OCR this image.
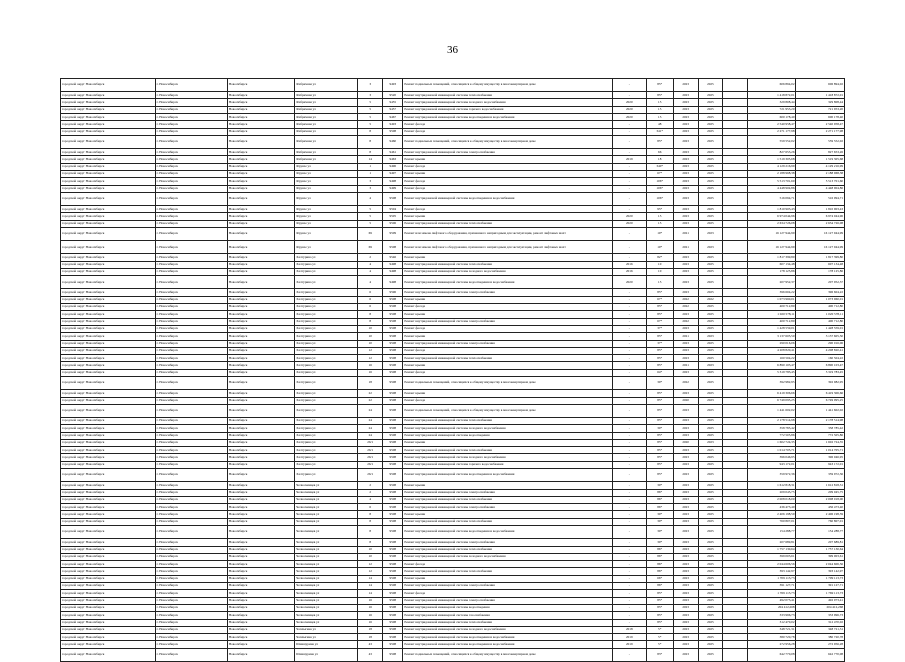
36
городской округ Новосибирск	г. Новосибирск	Новосибирск	Фабричная ул	3	9493	Ремонт подвальных помещений, относящихся к общему имуществу в многоквартирном доме	-	85*	2023	2025		606 894,02	606 894,02
городской округ Новосибирск	г. Новосибирск	Новосибирск	Фабричная ул	3	9520	Ремонт внутридомовой инженерной системы теплоснабжения	-	85*	2023	2025		1 418 872,01	1 418 872,01
городской округ Новосибирск	г. Новосибирск	Новосибирск	Фабричная ул	5	9455	Ремонт внутридомовой инженерной системы холодного водоснабжения	2020	15	2023	2025		329 808,44	329 808,44
городской округ Новосибирск	г. Новосибирск	Новосибирск	Фабричная ул	5	9457	Ремонт внутридомовой инженерной системы горячего водоснабжения	2020	15	2023	2025		721 953,20	721 953,20
городской округ Новосибирск	г. Новосибирск	Новосибирск	Фабричная ул	5	9467	Ремонт внутридомовой инженерной системы водоотведения и водоснабжения	2020	15	2023	2025		600 178,40	600 178,40
городской округ Новосибирск	г. Новосибирск	Новосибирск	Фабричная ул	5	9493	Ремонт фасада	-	48	2023	2025		2 540 958,47	2 540 958,47
городской округ Новосибирск	г. Новосибирск	Новосибирск	Фабричная ул	8	9508	Ремонт фасада	-	341*	2023	2025		2 271 177,98	2 271 177,98
городской округ Новосибирск	г. Новосибирск	Новосибирск	Фабричная ул	8	9460	Ремонт подвальных помещений, относящихся к общему имуществу в многоквартирном доме	-	85*	2023	2025		559 552,02	559 552,02
городской округ Новосибирск	г. Новосибирск	Новосибирск	Фабричная ул	8	9461	Ремонт внутридомовой инженерной системы электроснабжения	-	66	2023	2025		827 653,26	827 653,26
городской округ Новосибирск	г. Новосибирск	Новосибирск	Фабричная ул	14	9463	Ремонт крыши	2019	18	2023	2025		1 519 305,68	1 519 305,68
городской округ Новосибирск	г. Новосибирск	Новосибирск	Фрунзе ул	1	9496	Ремонт фасада	-	340*	2023	2025		4 129 216,99	4 129 216,99
городской округ Новосибирск	г. Новосибирск	Новосибирск	Фрунзе ул	1	9497	Ремонт крыши	-	67*	2023	2025		2 188 968,38	2 188 968,38
городской округ Новосибирск	г. Новосибирск	Новосибирск	Фрунзе ул	3	9498	Ремонт фасада	-	106*	2023	2025		5 513 701,60	5 513 701,60
городской округ Новосибирск	г. Новосибирск	Новосибирск	Фрунзе ул	3	9499	Ремонт фасада	-	106*	2023	2025		4 448 904,86	4 448 904,86
городской округ Новосибирск	г. Новосибирск	Новосибирск	Фрунзе ул	4	9508	Ремонт внутридомовой инженерной системы водоотведения и водоснабжения	-	106*	2023	2025		516 094,71	516 094,71
городской округ Новосибирск	г. Новосибирск	Новосибирск	Фрунзе ул	5	9504	Ремонт фасада	-	95*	2023	2025		1 810 903,43	1 810 903,43
городской округ Новосибирск	г. Новосибирск	Новосибирск	Фрунзе ул	5	9505	Ремонт крыши	2020	15	2023	2025		6 974 044,96	6 974 044,96
городской округ Новосибирск	г. Новосибирск	Новосибирск	Фрунзе ул	5	9506	Ремонт внутридомовой инженерной системы теплоснабжения	2020	15	2023	2025		2 634 726,08	2 634 726,08
городской округ Новосибирск	г. Новосибирск	Новосибирск	Фрунзе ул	69	9509	Ремонт или замена лифтового оборудования, признанного непригодным для эксплуатации, ремонт лифтовых шахт	-	10*	2021	2023		16 127 944,99	16 127 944,99
городской округ Новосибирск	г. Новосибирск	Новосибирск	Фрунзе ул	69	9508	Ремонт или замена лифтового оборудования, признанного непригодным для эксплуатации, ремонт лифтовых шахт	-	10*	2021	2023		16 127 944,99	16 127 944,99
городской округ Новосибирск	г. Новосибирск	Новосибирск	Халтурина ул	2	9546	Ремонт крыши	-	82*	2023	2025		1 817 399,80	1 817 399,80
городской округ Новосибирск	г. Новосибирск	Новосибирск	Халтурина ул	4	9498	Ремонт внутридомовой инженерной системы теплоснабжения	2016	10	2023	2025		607 134,48	607 134,48
городской округ Новосибирск	г. Новосибирск	Новосибирск	Халтурина ул	4	9498	Ремонт внутридомовой инженерной системы холодного водоснабжения	2016	10	2023	2025		178 125,86	178 125,86
городской округ Новосибирск	г. Новосибирск	Новосибирск	Халтурина ул	4	9498	Ремонт внутридомовой инженерной системы водоотведения и водоснабжения	2020	15	2023	2025		207 952,37	207 952,37
городской округ Новосибирск	г. Новосибирск	Новосибирск	Халтурина ул	6	9596	Ремонт внутридомовой инженерной системы электроснабжения	-	85*	2023	2025		396 604,22	396 604,22
городской округ Новосибирск	г. Новосибирск	Новосибирск	Халтурина ул	6	9508	Ремонт крыши	-	67*	2022	2022		1 073 960,01	1 073 960,01
городской округ Новосибирск	г. Новосибирск	Новосибирск	Халтурина ул	6	9508	Ремонт фасада	-	85*	2022	2025		400 712,80	400 712,80
городской округ Новосибирск	г. Новосибирск	Новосибирск	Халтурина ул	8	9508	Ремонт крыши	-	85*	2023	2025		1 020 578,11	1 020 578,11
городской округ Новосибирск	г. Новосибирск	Новосибирск	Халтурина ул	8	9508	Ремонт внутридомовой инженерной системы электроснабжения	-	67*	2022	2025		400 712,80	400 712,80
городской округ Новосибирск	г. Новосибирск	Новосибирск	Халтурина ул	10	9508	Ремонт фасада	-	37*	2023	2025		1 428 559,01	1 428 559,01
городской округ Новосибирск	г. Новосибирск	Новосибирск	Халтурина ул	10	9508	Ремонт крыши	-	85*	2021	2023		3 137 605,50	3 137 605,50
городской округ Новосибирск	г. Новосибирск	Новосибирск	Халтурина ул	10	9508	Ремонт внутридомовой инженерной системы электроснабжения	-	37*	2023	2025		290 016,06	290 016,06
городской округ Новосибирск	г. Новосибирск	Новосибирск	Халтурина ул	12	9508	Ремонт фасада	-	85*	2023	2025		4 208 820,41	4 208 820,41
городской округ Новосибирск	г. Новосибирск	Новосибирск	Халтурина ул	12	9508	Ремонт внутридомовой инженерной системы теплоснабжения	-	85*	2023	2025		160 504,22	160 504,22
городской округ Новосибирск	г. Новосибирск	Новосибирск	Халтурина ул	16	9508	Ремонт крыши	-	85*	2021	2023		6 890 103,47	6 890 103,47
городской округ Новосибирск	г. Новосибирск	Новосибирск	Халтурина ул	16	9508	Ремонт фасада	-	64*	2023	2025		5 319 783,45	5 319 783,45
городской округ Новосибирск	г. Новосибирск	Новосибирск	Халтурина ул	18	9508	Ремонт подвальных помещений, относящихся к общему имуществу в многоквартирном доме	-	30*	2022	2025		392 982,95	392 982,95
городской округ Новосибирск	г. Новосибирск	Новосибирск	Халтурина ул	22	9508	Ремонт крыши	-	85*	2023	2025		6 419 306,66	6 419 306,66
городской округ Новосибирск	г. Новосибирск	Новосибирск	Халтурина ул	22	9508	Ремонт фасада	-	85*	2020	2023		6 749 095,25	6 749 095,25
городской округ Новосибирск	г. Новосибирск	Новосибирск	Халтурина ул	24	9508	Ремонт подвальных помещений, относящихся к общему имуществу в многоквартирном доме	-	85*	2023	2025		1 441 602,02	1 441 602,02
городской округ Новосибирск	г. Новосибирск	Новосибирск	Халтурина ул	24	9508	Ремонт внутридомовой инженерной системы теплоснабжения	-	85*	2023	2025		2 178 514,98	2 178 514,98
городской округ Новосибирск	г. Новосибирск	Новосибирск	Халтурина ул	24	9508	Ремонт внутридомовой инженерной системы холодного водоснабжения	-	30*	2023	2025		358 785,42	358 785,42
городской округ Новосибирск	г. Новосибирск	Новосибирск	Халтурина ул	24	9508	Ремонт внутридомовой инженерной системы водоотведения	-	85*	2023	2025		772 505,86	772 505,86
городской округ Новосибирск	г. Новосибирск	Новосибирск	Халтурина ул	26/1	9508	Ремонт крыши	-	85*	2020	2023		1 602 724,35	1 602 724,35
городской округ Новосибирск	г. Новосибирск	Новосибирск	Халтурина ул	26/1	9508	Ремонт внутридомовой инженерной системы теплоснабжения	-	85*	2023	2025		1 014 705,71	1 014 705,71
городской округ Новосибирск	г. Новосибирск	Новосибирск	Халтурина ул	26/1	9508	Ремонт внутридомовой инженерной системы холодного водоснабжения	-	85*	2023	2025		396 046,95	396 046,95
городской округ Новосибирск	г. Новосибирск	Новосибирск	Халтурина ул	26/1	9508	Ремонт внутридомовой инженерной системы горячего водоснабжения	-	85*	2023	2025		943 172,01	943 172,01
городской округ Новосибирск	г. Новосибирск	Новосибирск	Халтурина ул	26/1	9508	Ремонт внутридомовой инженерной системы водоотведения и водоснабжения	-	85*	2023	2025		359 972,36	359 972,36
городской округ Новосибирск	г. Новосибирск	Новосибирск	Челюскинцев ул	2	9508	Ремонт крыши	-	30*	2023	2025		1 612 818,31	1 612 818,31
городской округ Новосибирск	г. Новосибирск	Новосибирск	Челюскинцев ул	2	9508	Ремонт внутридомовой инженерной системы электроснабжения	-	86*	2023	2025		209 045,75	209 045,75
городской округ Новосибирск	г. Новосибирск	Новосибирск	Челюскинцев ул	4	9508	Ремонт внутридомовой инженерной системы теплоснабжения	-	86*	2023	2025		2 008 018,00	2 008 018,00
городской округ Новосибирск	г. Новосибирск	Новосибирск	Челюскинцев ул	6	9508	Ремонт внутридомовой инженерной системы электроснабжения	-	86*	2023	2025		436 473,40	436 473,40
городской округ Новосибирск	г. Новосибирск	Новосибирск	Челюскинцев ул	8	9508	Ремонт крыши	-	30*	2023	2025		2 406 198,59	2 406 198,59
городской округ Новосибирск	г. Новосибирск	Новосибирск	Челюскинцев ул	8	9508	Ремонт внутридомовой инженерной системы теплоснабжения	-	30*	2023	2025		760 807,01	760 807,01
городской округ Новосибирск	г. Новосибирск	Новосибирск	Челюскинцев ул	8	9508	Ремонт внутридомовой инженерной системы водоотведения и водоснабжения	-	30*	2023	2025		154 288,77	154 288,77
городской округ Новосибирск	г. Новосибирск	Новосибирск	Челюскинцев ул	8	9508	Ремонт внутридомовой инженерной системы электроснабжения	-	30*	2023	2025		207 689,81	207 689,81
городской округ Новосибирск	г. Новосибирск	Новосибирск	Челюскинцев ул	10	9508	Ремонт внутридомовой инженерной системы теплоснабжения	-	86*	2023	2025		1 757 130,64	1 757 130,64
городской округ Новосибирск	г. Новосибирск	Новосибирск	Челюскинцев ул	10	9508	Ремонт внутридомовой инженерной системы холодного водоснабжения	-	86*	2023	2025		399 003,61	399 003,61
городской округ Новосибирск	г. Новосибирск	Новосибирск	Челюскинцев ул	12	9508	Ремонт фасада	-	86*	2023	2025		2 044 606,56	2 044 606,56
городской округ Новосибирск	г. Новосибирск	Новосибирск	Челюскинцев ул	12	9508	Ремонт внутридомовой инженерной системы теплоснабжения	-	86*	2023	2025		393 142,97	393 142,97
городской округ Новосибирск	г. Новосибирск	Новосибирск	Челюскинцев ул	14	9508	Ремонт крыши	-	66*	2023	2025		1 709 113,73	1 709 113,73
городской округ Новосибирск	г. Новосибирск	Новосибирск	Челюскинцев ул	14	9508	Ремонт внутридомовой инженерной системы электроснабжения	-	86*	2023	2025		391 127,71	391 127,71
городской округ Новосибирск	г. Новосибирск	Новосибирск	Челюскинцев ул	14	9508	Ремонт фасада	-	85*	2023	2025		1 769 113,73	1 769 113,73
городской округ Новосибирск	г. Новосибирск	Новосибирск	Челюскинцев ул	16	9508	Ремонт внутридомовой инженерной системы электроснабжения	-	85*	2023	2025		492 073,41	492 073,41
городской округ Новосибирск	г. Новосибирск	Новосибирск	Челюскинцев ул	16	9508	Ремонт внутридомовой инженерной системы водоотведения	-	85*	2023	2025		204 412,268	204 412,268
городской округ Новосибирск	г. Новосибирск	Новосибирск	Челюскинцев ул	16	9508	Ремонт внутридомовой инженерной системы газоснабжения	-	85*	2023	2025		333 996,73	333 996,73
городской округ Новосибирск	г. Новосибирск	Новосибирск	Челюскинцев ул	16	9508	Ремонт внутридомовой инженерной системы теплоснабжения	-	85*	2023	2025		312 470,02	312 470,02
городской округ Новосибирск	г. Новосибирск	Новосибирск	Чаплыгина ул	18	9508	Ремонт внутридомовой инженерной системы холодного водоснабжения	2018	5*	2023	2025		348 721,31	348 721,31
городской округ Новосибирск	г. Новосибирск	Новосибирск	Чаплыгина ул	18	9508	Ремонт внутридомовой инженерной системы водоотведения и водоснабжения	2019	5*	2023	2025		380 720,78	380 720,78
городской округ Новосибирск	г. Новосибирск	Новосибирск	Шамшурина ул	43	9508	Ремонт внутридомовой инженерной системы водоотведения и водоснабжения	2019	5*	2023	2025		272 956,28	272 956,28
городской округ Новосибирск	г. Новосибирск	Новосибирск	Шамшурина ул	43	9508	Ремонт подвальных помещений, относящихся к общему имуществу в многоквартирном доме	-	83*	2023	2025		642 770,08	642 770,08
